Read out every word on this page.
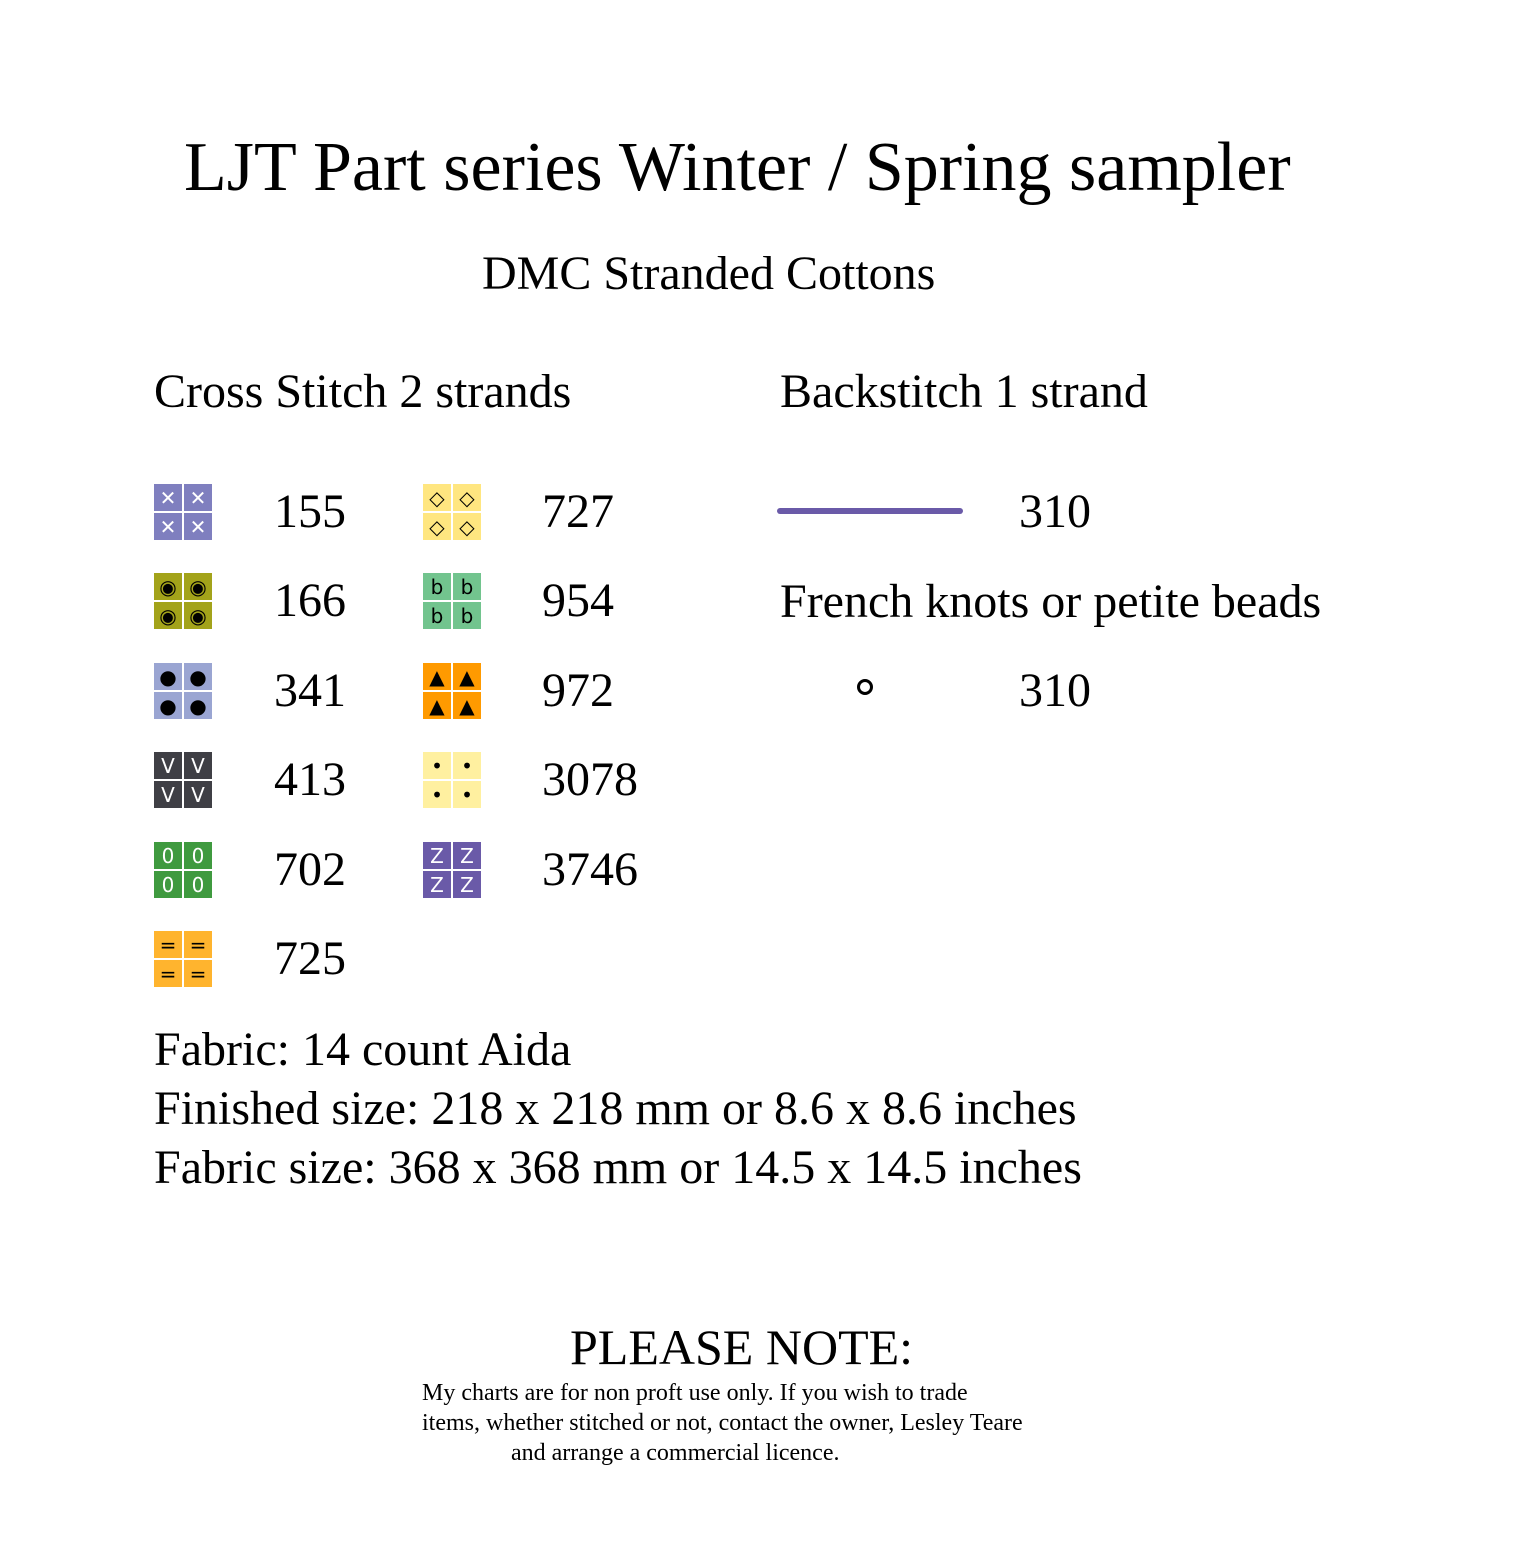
LJT Part series Winter / Spring sampler
DMC Stranded Cottons
Cross Stitch 2 strands	Backstitch 1 strand
✕ ✕
✕ ✕ 155
◉ ◉
◉ ◉ 166
● ●
● ● 341
V V
V V 413
0 0
0 0 702
= =
= = 725
◇ ◇
◇ ◇ 727
b b
b b 954
▲ ▲
▲ ▲ 972
• •
• • 3078
Z Z
Z Z 3746
310
French knots or petite beads
310
Fabric: 14 count Aida
Finished size: 218 x 218 mm or 8.6 x 8.6 inches
Fabric size: 368 x 368 mm or 14.5 x 14.5 inches
PLEASE NOTE:
My charts are for non proft use only. If you wish to trade
items, whether stitched or not, contact the owner, Lesley Teare
and arrange a commercial licence.
